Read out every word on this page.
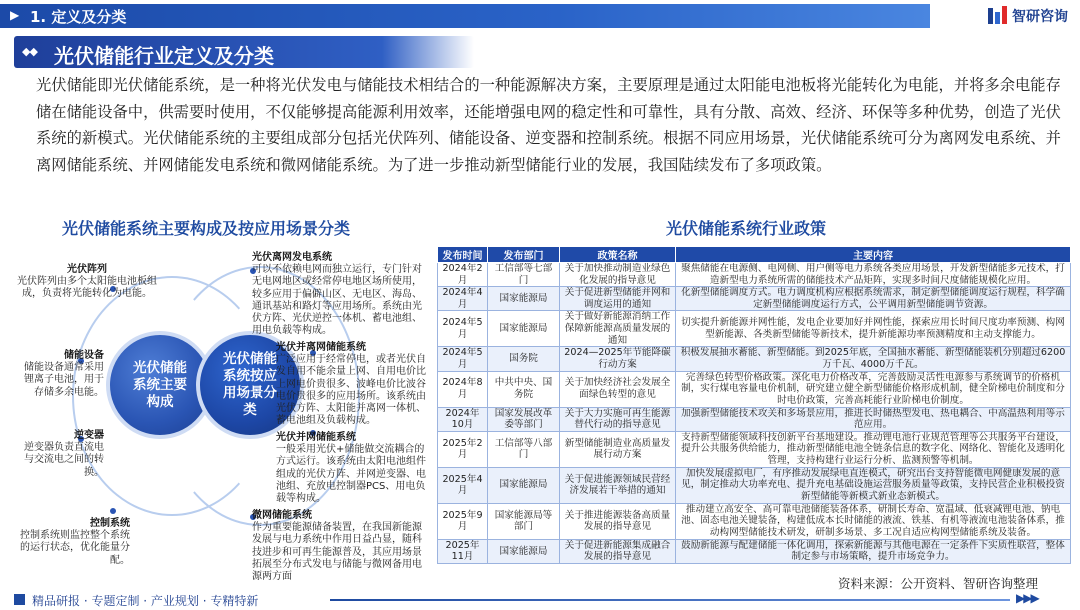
▶ 1. 定义及分类	智研咨询
◆◆ 光伏储能行业定义及分类

光伏储能即光伏储能系统，是一种将光伏发电与储能技术相结合的一种能源解决方案，主要原理是通过太阳能电池板将光能转化为电能，并将多余电能存储在储能设备中，供需要时使用，不仅能够提高能源利用效率，还能增强电网的稳定性和可靠性，具有分散、高效、经济、环保等多种优势，创造了光伏系统的新模式。光伏储能系统的主要组成部分包括光伏阵列、储能设备、逆变器和控制系统。根据不同应用场景，光伏储能系统可分为离网发电系统、并离网储能系统、并网储能发电系统和微网储能系统。为了进一步推动新型储能行业的发展，我国陆续发布了多项政策。

光伏储能系统主要构成及按应用场景分类	光伏储能系统行业政策
光伏储能系统主要构成
光伏储能系统按应用场景分类
光伏阵列
光伏阵列由多个太阳能电池板组成，负责将光能转化为电能。
储能设备
储能设备通常采用锂离子电池，用于存储多余电能。
逆变器
逆变器负责直流电与交流电之间的转换。
控制系统
控制系统则监控整个系统的运行状态，优化能量分配。
光伏离网发电系统
可以不依赖电网而独立运行，专门针对无电网地区或经常停电地区场所使用，较多应用于偏僻山区、无电区、海岛、通讯基站和路灯等应用场所。系统由光伏方阵、光伏逆控一体机、蓄电池组、用电负载等构成。
光伏并离网储能系统
广泛应用于经常停电，或者光伏自发自用不能余量上网、自用电价比上网电价贵很多、波峰电价比波谷电价贵很多的应用场所。该系统由光伏方阵、太阳能并离网一体机、蓄电池组及负载构成。
光伏并网储能系统
一般采用光伏+储能做交流耦合的方式运行。该系统由太阳电池组件组成的光伏方阵、并网逆变器、电池组、充放电控制器PCS、用电负载等构成。
微网储能系统
作为重要能源储备装置，在我国新能源发展与电力系统中作用日益凸显，随科技进步和可再生能源普及，其应用场景拓展至分布式发电与储能与微网备用电源两方面
发布时间	发布部门	政策名称	主要内容
2024年2月	工信部等七部门	关于加快推动制造业绿色化发展的指导意见	聚焦储能在电源侧、电网侧、用户侧等电力系统各类应用场景，开发新型储能多元技术，打造新型电力系统所需的储能技术产品矩阵，实现多时间尺度储能规模化应用。
2024年4月	国家能源局	关于促进新型储能并网和调度运用的通知	化新型储能调度方式。电力调度机构应根据系统需求，制定新型储能调度运行规程，科学确定新型储能调度运行方式，公平调用新型储能调节资源。
2024年5月	国家能源局	关于做好新能源消纳工作保障新能源高质量发展的通知	切实提升新能源并网性能，发电企业要加好并网性能，探索应用长时间尺度功率预测、构网型新能源、各类新型储能等新技术，提升新能源功率预测精度和主动支撑能力。
2024年5月	国务院	2024—2025年节能降碳行动方案	积极发展抽水蓄能、新型储能。到2025年底，全国抽水蓄能、新型储能装机分别超过6200万千瓦、4000万千瓦。
2024年8月	中共中央、国务院	关于加快经济社会发展全面绿色转型的意见	完善绿色转型价格政策。深化电力价格改革，完善鼓励灵活性电源参与系统调节的价格机制，实行煤电容量电价机制，研究建立健全新型储能价格形成机制，健全阶梯电价制度和分时电价政策，完善高耗能行业阶梯电价制度。
2024年10月	国家发展改革委等部门	关于大力实施可再生能源替代行动的指导意见	加强新型储能技术攻关和多场景应用，推进长时储热型发电、热电耦合、中高温热利用等示范应用。
2025年2月	工信部等八部门	新型储能制造业高质量发展行动方案	支持新型储能领域科技创新平台基地建设。推动锂电池行业规范管理等公共服务平台建设，提升公共服务供给能力，推动新型储能电池全链条信息的数字化、网络化、智能化及透明化管理，支持构建行业运行分析、监测预警等机制。
2025年4月	国家能源局	关于促进能源领域民营经济发展若干举措的通知	加快发展虚拟电厂，有序推动发展绿电直连模式，研究出台支持智能微电网健康发展的意见，制定推动大功率充电、提升充电基础设施运营服务质量等政策，支持民营企业积极投资新型储能等新模式新业态新模式。
2025年9月	国家能源局等部门	关于推进能源装备高质量发展的指导意见	推动建立高安全、高可靠电池储能装备体系，研制长寿命、宽温域、低衰减锂电池、钠电池、固态电池关键装备，构建低成本长时储能的液流、铁基、有机等液流电池装备体系，推动构网型储能技术研发，研制多场景、多工况自适应构网型储能系统及装备。
2025年11月	国家能源局	关于促进新能源集成融合发展的指导意见	鼓励新能源与配建储能一体化调用，探索新能源与其他电源在一定条件下实质性联营，整体制定参与市场策略，提升市场竞争力。
资料来源：公开资料、智研咨询整理
精品研报 · 专题定制 · 产业规划 · 专精特新	▶▶▶
